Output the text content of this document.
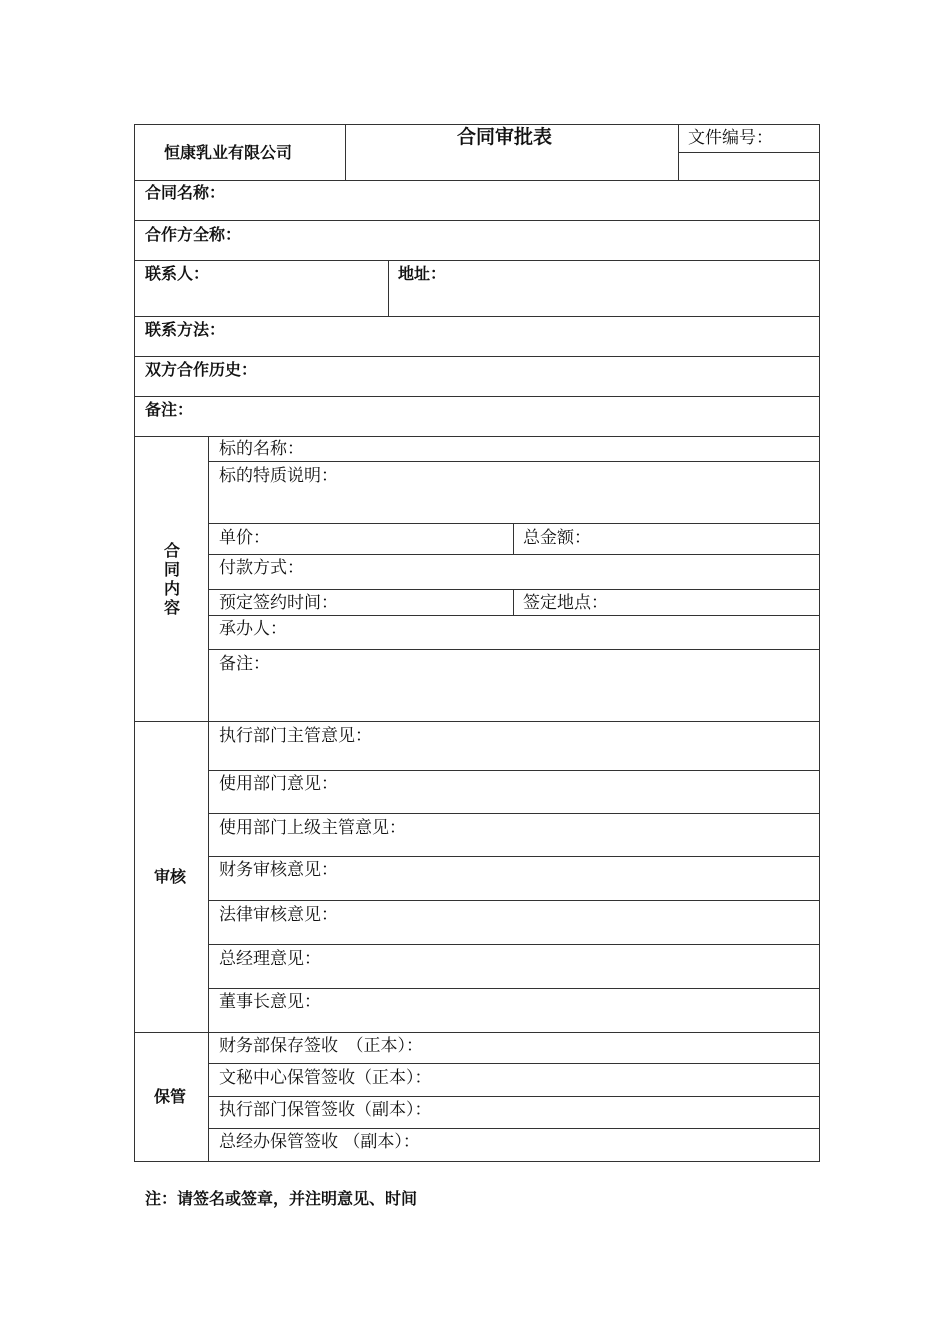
恒康乳业有限公司
合同审批表	文件编号：
合同名称：
合作方全称：
联系人：	地址：
联系方法：
双方合作历史：
备注：
合同内容
标的名称：
标的特质说明：
单价：	总金额：
付款方式：
预定签约时间：	签定地点：
承办人：
备注：
审核
执行部门主管意见：
使用部门意见：
使用部门上级主管意见：
财务审核意见：
法律审核意见：
总经理意见：
董事长意见：
保管
财务部保存签收　（正本）：
文秘中心保管签收（正本）：
执行部门保管签收（副本）：
总经办保管签收 （副本）：
注：请签名或签章，并注明意见、时间
